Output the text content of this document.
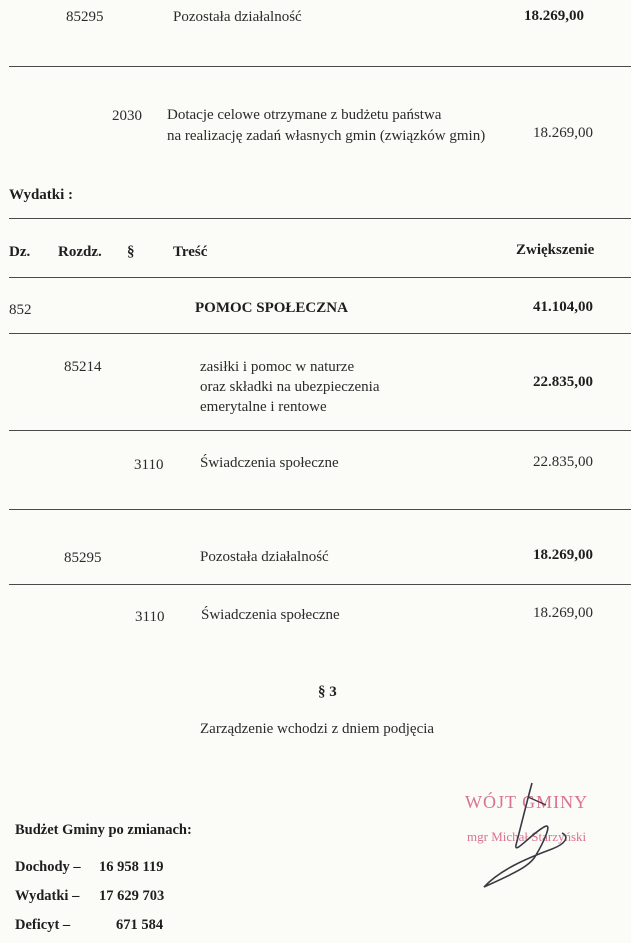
85295	Pozostała działalność	18.269,00
2030 Dotacje celowe otrzymane z budżetu państwa
na realizację zadań własnych gmin (związków gmin)	18.269,00
Wydatki :
Dz. Rozdz. §	Treść	Zwiększenie
852	POMOC SPOŁECZNA	41.104,00
85214	zasiłki i pomoc w naturze
oraz składki na ubezpieczenia
emerytalne i rentowe
22.835,00
3110 Świadczenia społeczne	22.835,00
85295	Pozostała działalność	18.269,00
3110 Świadczenia społeczne	18.269,00
§ 3
Zarządzenie wchodzi z dniem podjęcia
WÓJT GMINY
mgr Michał Starzyński
Budżet Gminy po zmianach:
Dochody – 16 958 119
Wydatki – 17 629 703
Deficyt –	671 584
